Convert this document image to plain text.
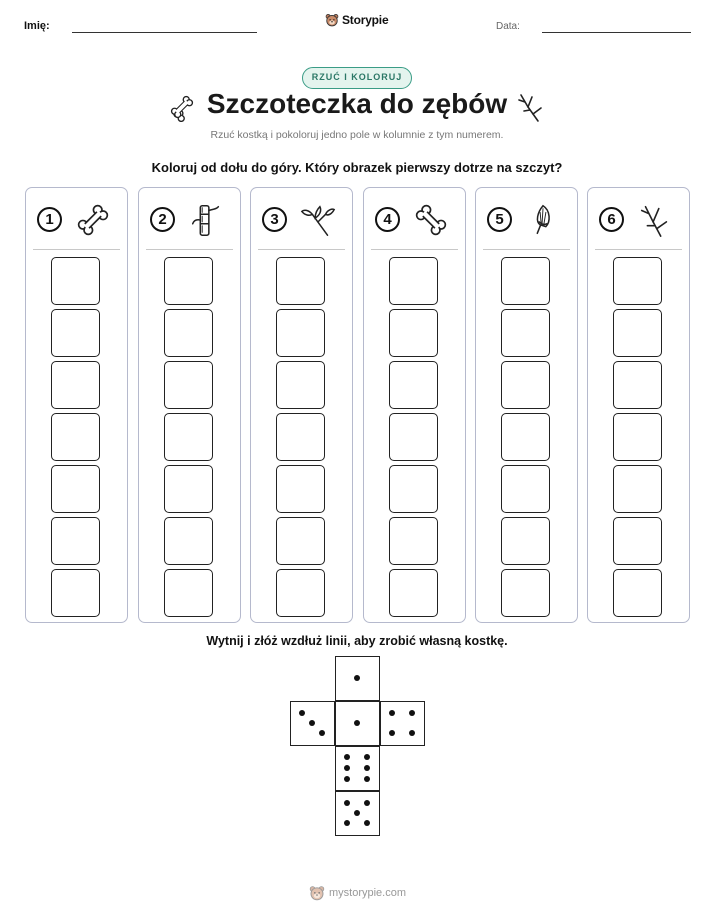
Imię:	Storypie	Data:
RZUĆ I KOLORUJ
Szczoteczka do zębów
Rzuć kostką i pokoloruj jedno pole w kolumnie z tym numerem.
Koloruj od dołu do góry. Który obrazek pierwszy dotrze na szczyt?
1	2	3	4	5	6
Wytnij i złóż wzdłuż linii, aby zrobić własną kostkę.
mystorypie.com
